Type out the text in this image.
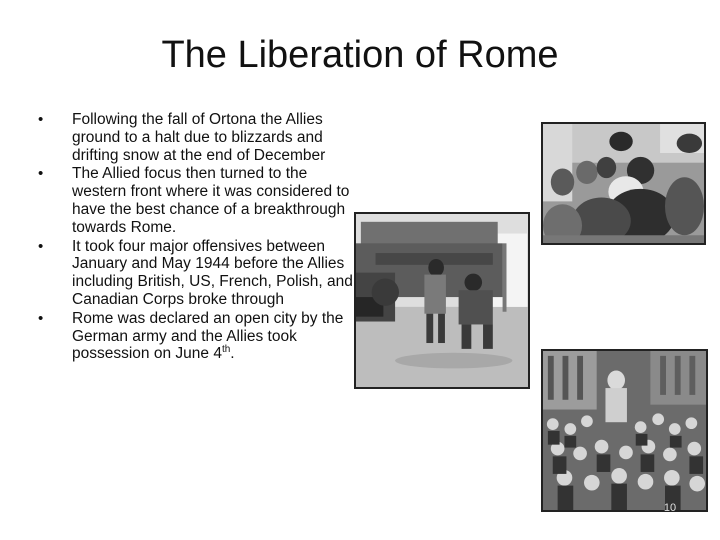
The Liberation of Rome
• Following the fall of Ortona the Allies ground to a halt due to blizzards and drifting snow at the end of December
• The Allied focus then turned to the western front where it was considered to have the best chance of a breakthrough towards Rome.
• It took four major offensives between January and May 1944 before the Allies including British, US, French, Polish, and Canadian Corps broke through
• Rome was declared an open city by the German army and the Allies took possession on June 4th.
10
